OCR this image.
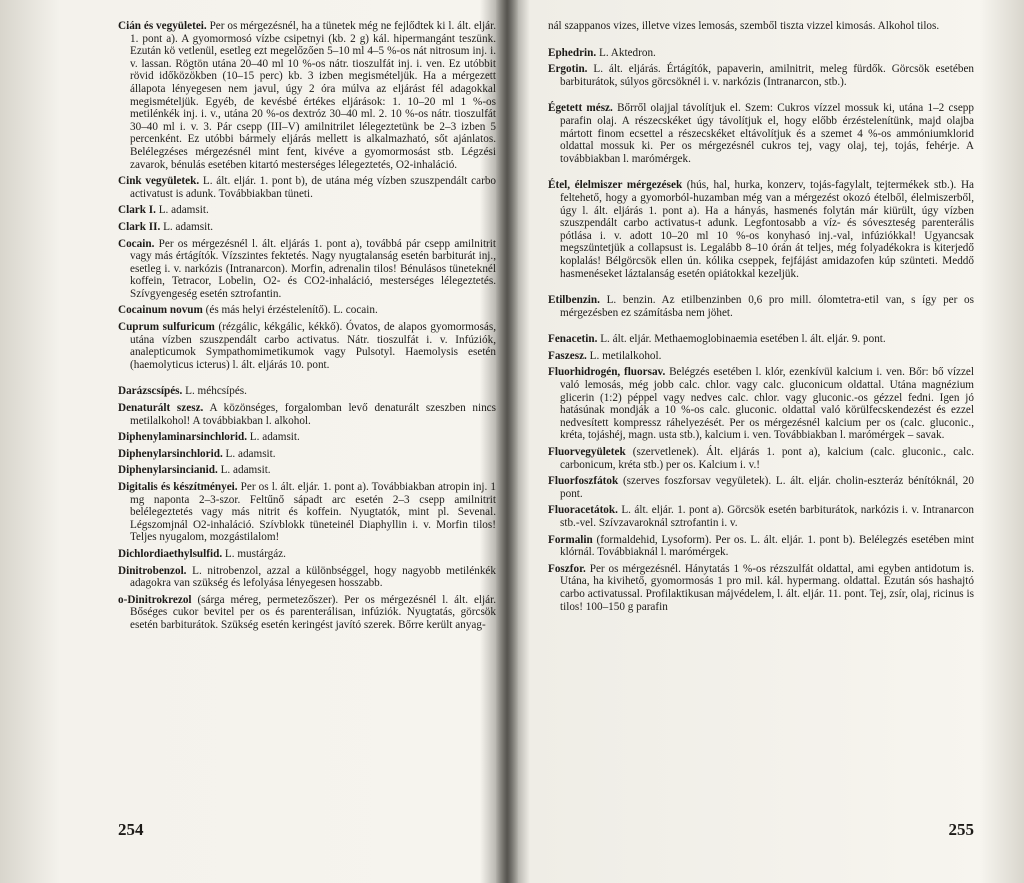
Cián és vegyületei. Per os mérgezésnél, ha a tünetek még ne fejlődtek ki l. ált. eljár. 1. pont a). A gyomormosó vízbe csipetnyi (kb. 2 g) kál. hipermangánt teszünk. Ezután kö vetlenül, esetleg ezt megelőzően 5–10 ml 4–5 %-os nát nitrosum inj. i. v. lassan. Rögtön utána 20–40 ml 10 %-os nátr. tioszulfát inj. i. ven. Ez utóbbit rövid időközökben (10–15 perc) kb. 3 izben megismételjük. Ha a mérgezett állapota lényegesen nem javul, úgy 2 óra múlva az eljárást fél adagokkal megismételjük. Egyéb, de kevésbé értékes eljárások: 1. 10–20 ml 1 %-os metilénkék inj. i. v., utána 20 %-os dextróz 30–40 ml. 2. 10 %-os nátr. tioszulfát 30–40 ml i. v. 3. Pár csepp (III–V) amilnitrilet lélegeztetünk be 2–3 izben 5 percenként. Ez utóbbi bármely eljárás mellett is alkalmazható, sőt ajánlatos. Belélegzéses mérgezésnél mint fent, kivéve a gyomormosást stb. Légzési zavarok, bénulás esetében kitartó mesterséges lélegeztetés, O2-inhaláció.

Cink vegyületek. L. ált. eljár. 1. pont b), de utána még vízben szuszpendált carbo activatust is adunk. Továbbiakban tüneti.

Clark I. L. adamsit.

Clark II. L. adamsit.

Cocain. Per os mérgezésnél l. ált. eljárás 1. pont a), továbbá pár csepp amilnitrit vagy más értágítók. Vízszintes fektetés. Nagy nyugtalanság esetén barbiturát inj., esetleg i. v. narkózis (Intranarcon). Morfin, adrenalin tilos! Bénulásos tüneteknél koffein, Tetracor, Lobelin, O2- és CO2-inhaláció, mesterséges lélegeztetés. Szívgyengeség esetén sztrofantin.

Cocainum novum (és más helyi érzéstelenítő). L. cocain.

Cuprum sulfuricum (rézgálic, kékgálic, kékkő). Óvatos, de alapos gyomormosás, utána vízben szuszpendált carbo activatus. Nátr. tioszulfát i. v. Infúziók, analepticumok Sympathomimetikumok vagy Pulsotyl. Haemolysis esetén (haemolyticus icterus) l. ált. eljárás 10. pont.

Darázscsípés. L. méhcsípés.

Denaturált szesz. A közönséges, forgalomban levő denaturált szeszben nincs metilalkohol! A továbbiakban l. alkohol.

Diphenylaminarsinchlorid. L. adamsit.

Diphenylarsinchlorid. L. adamsit.

Diphenylarsincianid. L. adamsit.

Digitalis és készítményei. Per os l. ált. eljár. 1. pont a). Továbbiakban atropin inj. 1 mg naponta 2–3-szor. Feltűnő sápadt arc esetén 2–3 csepp amilnitrit belélegeztetés vagy más nitrit és koffein. Nyugtatók, mint pl. Sevenal. Légszomjnál O2-inhaláció. Szívblokk tüneteinél Diaphyllin i. v. Morfin tilos! Teljes nyugalom, mozgástilalom!

Dichlordiaethylsulfid. L. mustárgáz.

Dinitrobenzol. L. nitrobenzol, azzal a különbséggel, hogy nagyobb metilénkék adagokra van szükség és lefolyása lényegesen hosszabb.

o-Dinitrokrezol (sárga méreg, permetezőszer). Per os mérgezésnél l. ált. eljár. Bőséges cukor bevitel per os és parenterálisan, infúziók. Nyugtatás, görcsök esetén barbiturátok. Szükség esetén keringést javító szerek. Bőrre került anyag-

254

nál szappanos vizes, illetve vizes lemosás, szemből tiszta vizzel kimosás. Alkohol tilos.

Ephedrin. L. Aktedron.

Ergotin. L. ált. eljárás. Értágítók, papaverin, amilnitrit, meleg fürdők. Görcsök esetében barbiturátok, súlyos görcsöknél i. v. narkózis (Intranarcon, stb.).

Égetett mész. Bőrről olajjal távolítjuk el. Szem: Cukros vízzel mossuk ki, utána 1–2 csepp parafin olaj. A részecskéket úgy távolítjuk el, hogy előbb érzéstelenítünk, majd olajba mártott finom ecsettel a részecskéket eltávolítjuk és a szemet 4 %-os ammóniumklorid oldattal mossuk ki. Per os mérgezésnél cukros tej, vagy olaj, tej, tojás, fehérje. A továbbiakban l. marómérgek.

Étel, élelmiszer mérgezések (hús, hal, hurka, konzerv, tojás-fagylalt, tejtermékek stb.). Ha feltehető, hogy a gyomorból-huzamban még van a mérgezést okozó ételből, élelmiszerből, úgy l. ált. eljárás 1. pont a). Ha a hányás, hasmenés folytán már kiürült, úgy vízben szuszpendált carbo activatus-t adunk. Legfontosabb a víz- és sóveszteség parenterális pótlása i. v. adott 10–20 ml 10 %-os konyhasó inj.-val, infúziókkal! Ugyancsak megszüntetjük a collapsust is. Legalább 8–10 órán át teljes, még folyadékokra is kiterjedő koplalás! Bélgörcsök ellen ún. kólika cseppek, fejfájást amidazofen kúp szünteti. Meddő hasmenéseket láztalanság esetén opiátokkal kezeljük.

Etilbenzin. L. benzin. Az etilbenzinben 0,6 pro mill. ólomtetra-etil van, s így per os mérgezésben ez számításba nem jöhet.

Fenacetin. L. ált. eljár. Methaemoglobinaemia esetében l. ált. eljár. 9. pont.

Faszesz. L. metilalkohol.

Fluorhidrogén, fluorsav. Belégzés esetében l. klór, ezenkívül kalcium i. ven. Bőr: bő vízzel való lemosás, még jobb calc. chlor. vagy calc. gluconicum oldattal. Utána magnézium glicerin (1:2) péppel vagy nedves calc. chlor. vagy gluconic.-os gézzel fedni. Igen jó hatásúnak mondják a 10 %-os calc. gluconic. oldattal való körülfecskendezést és ezzel nedvesített kompressz ráhelyezését. Per os mérgezésnél kalcium per os (calc. gluconic., kréta, tojáshéj, magn. usta stb.), kalcium i. ven. Továbbiakban l. marómérgek – savak.

Fluorvegyületek (szervetlenek). Ált. eljárás 1. pont a), kalcium (calc. gluconic., calc. carbonicum, kréta stb.) per os. Kalcium i. v.!

Fluorfoszfátok (szerves foszforsav vegyületek). L. ált. eljár. cholin-eszteráz bénítóknál, 20 pont.

Fluoracetátok. L. ált. eljár. 1. pont a). Görcsök esetén barbiturátok, narkózis i. v. Intranarcon stb.-vel. Szívzavaroknál sztrofantin i. v.

Formalin (formaldehid, Lysoform). Per os. L. ált. eljár. 1. pont b). Belélegzés esetében mint klórnál. Továbbiaknál l. marómérgek.

Foszfor. Per os mérgezésnél. Hánytatás 1 %-os rézszulfát oldattal, ami egyben antidotum is. Utána, ha kivihető, gyomormosás 1 pro mil. kál. hypermang. oldattal. Ezután sós hashajtó carbo activatussal. Profilaktikusan májvédelem, l. ált. eljár. 11. pont. Tej, zsír, olaj, ricinus is tilos! 100–150 g parafin

255
